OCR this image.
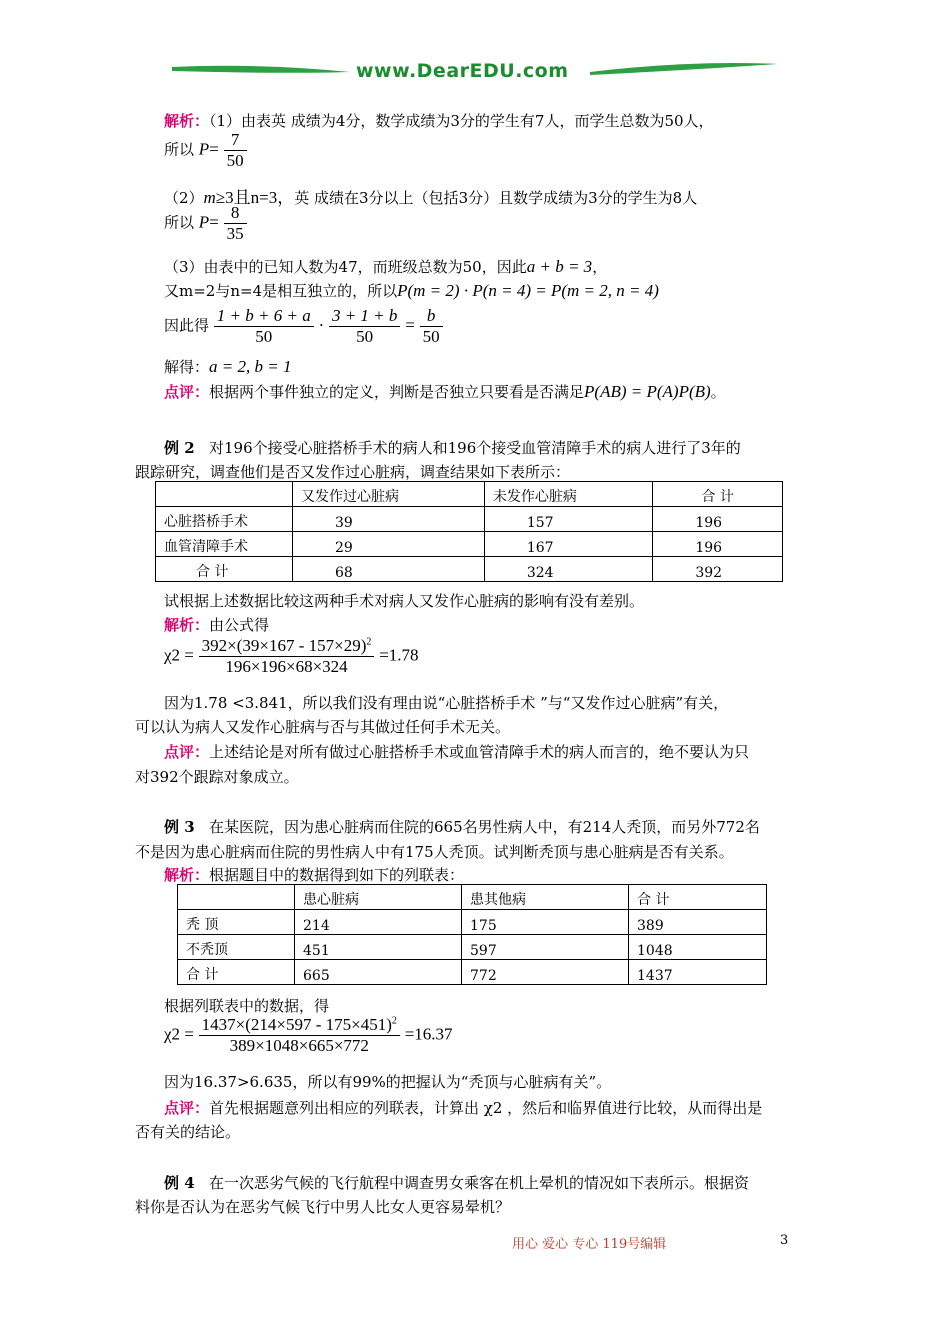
www.DearEDU.com
解析：（1）由表英 成绩为4分，数学成绩为3分的学生有7人，而学生总数为50人，
所以 $P= \frac{7}{50}$
（2）m≥3且n=3，英 成绩在3分以上（包括3分）且数学成绩为3分的学生为8人
所以 $P= \frac{8}{35}$
（3）由表中的已知人数为47，而班级总数为50，因此a + b = 3，
又m=2与n=4是相互独立的，所以P(m = 2) · P(n = 4) = P(m = 2, n = 4)
因此得 $\frac{1 + b + 6 + a}{50} \cdot \frac{3 + 1 + b}{50} = \frac{b}{50}$
解得：a = 2, b = 1
点评：根据两个事件独立的定义，判断是否独立只要看是否满足P(AB) = P(A)P(B)。
例 2 对196个接受心脏搭桥手术的病人和196个接受血管清障手术的病人进行了3年的
跟踪研究，调查他们是否又发作过心脏病，调查结果如下表所示：
	又发作过心脏病	未发作心脏病	合 计
心脏搭桥手术	39	157	196
血管清障手术	29	167	196
合 计	68	324	392
试根据上述数据比较这两种手术对病人又发作心脏病的影响有没有差别。
解析：由公式得
$\chi 2 = \frac{392\times(39\times 167 - 157\times 29)^2}{196\times 196\times 68\times 324} =1.78$
因为1.78 <3.841，所以我们没有理由说“心脏搭桥手术 ”与“又发作过心脏病”有关，
可以认为病人又发作心脏病与否与其做过任何手术无关。
点评：上述结论是对所有做过心脏搭桥手术或血管清障手术的病人而言的，绝不要认为只
对392个跟踪对象成立。
例 3 在某医院，因为患心脏病而住院的665名男性病人中，有214人秃顶，而另外772名
不是因为患心脏病而住院的男性病人中有175人秃顶。试判断秃顶与患心脏病是否有关系。
解析：根据题目中的数据得到如下的列联表：
	患心脏病	患其他病	合 计
秃 顶	214	175	389
不秃顶	451	597	1048
合 计	665	772	1437
根据列联表中的数据，得
$\chi 2 = \frac{1437\times(214\times 597 - 175\times 451)^2}{389\times 1048\times 665\times 772} =16.37$
因为16.37>6.635，所以有99%的把握认为“秃顶与心脏病有关”。
点评：首先根据题意列出相应的列联表，计算出 χ2 ，然后和临界值进行比较，从而得出是
否有关的结论。
例 4 在一次恶劣气候的飞行航程中调查男女乘客在机上晕机的情况如下表所示。根据资
料你是否认为在恶劣气候飞行中男人比女人更容易晕机？
用心 爱心 专心 119号编辑	3
